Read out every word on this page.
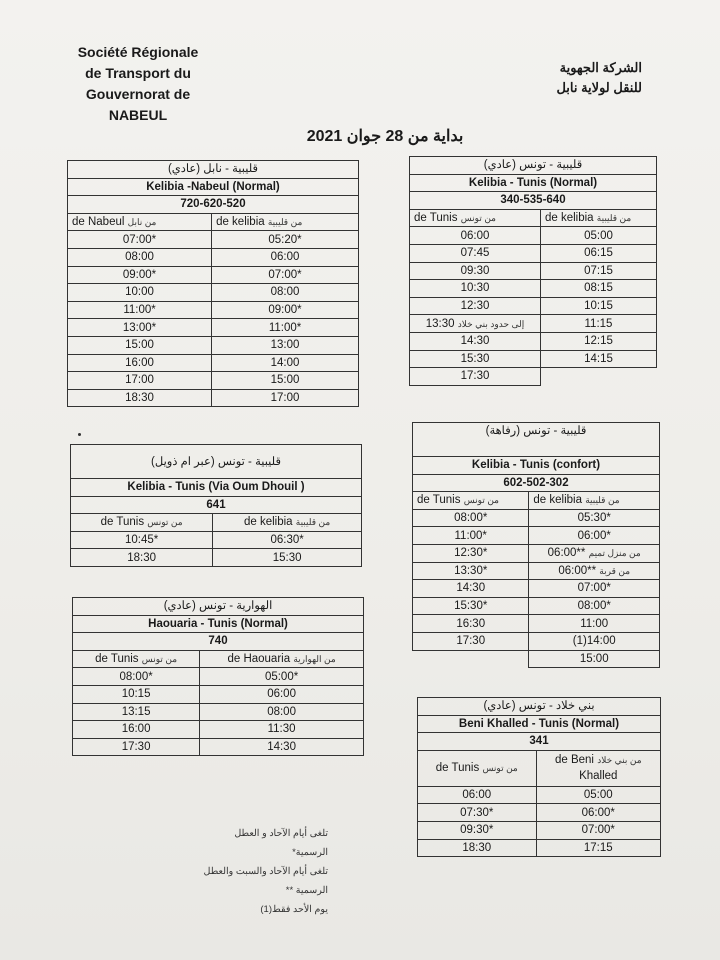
Société Régionale
de Transport du
Gouvernorat de
NABEUL
الشركة الجهوية
للنقل لولاية نابل
بداية من 28 جوان 2021
قليبية - نابل (عادي)	
Kelibia -Nabeul (Normal)	
720-620-520	
de Nabeul من نابل	de kelibia من قليبية
07:00*	05:20*
08:00	06:00
09:00*	07:00*
10:00	08:00
11:00*	09:00*
13:00*	11:00*
15:00	13:00
16:00	14:00
17:00	15:00
18:30	17:00
قليبية - تونس (عادي)	
Kelibia - Tunis (Normal)	
340-535-640	
de Tunis من تونس	de kelibia من قليبية
06:00	05:00
07:45	06:15
09:30	07:15
10:30	08:15
12:30	10:15
إلى حدود بني خلاد 13:30	11:15
14:30	12:15
15:30	14:15
17:30	
قليبية - تونس (عبر ام ذويل)	
Kelibia - Tunis (Via Oum Dhouil )	
641	
de Tunis من تونس	de kelibia من قليبية
10:45*	06:30*
18:30	15:30
قليبية - تونس (رفاهة)	
Kelibia - Tunis (confort)	
602-502-302	
de Tunis من تونس	de kelibia من قليبية
08:00*	05:30*
11:00*	06:00*
12:30*	06:00** من منزل تميم
13:30*	06:00** من قربة
14:30	07:00*
15:30*	08:00*
16:30	11:00
17:30	(1)14:00
	15:00
الهوارية - تونس (عادي)	
Haouaria - Tunis (Normal)	
740	
de Tunis من تونس	de Haouaria من الهوارية
08:00*	05:00*
10:15	06:00
13:15	08:00
16:00	11:30
17:30	14:30
بني خلاد - تونس (عادي)	
Beni Khalled - Tunis (Normal)	
341	
de Tunis من تونس	de Beni من بني خلاد
Khalled

06:00	05:00
07:30*	06:00*
09:30*	07:00*
18:30	17:15
تلغى أيام الآحاد و العطل الرسمية*
تلغى أيام الآحاد والسبت والعطل الرسمية **
يوم الأحد فقط(1)
